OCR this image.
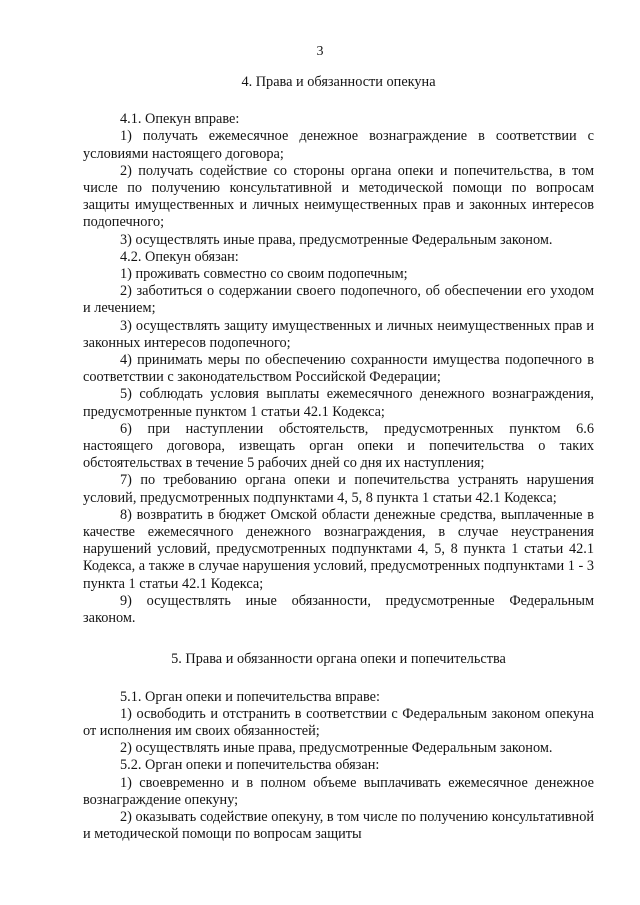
3

4. Права и обязанности опекуна

4.1. Опекун вправе:

1) получать ежемесячное денежное вознаграждение в соответствии с условиями настоящего договора;

2) получать содействие со стороны органа опеки и попечительства, в том числе по получению консультативной и методической помощи по вопросам защиты имущественных и личных неимущественных прав и законных интересов подопечного;

3) осуществлять иные права, предусмотренные Федеральным законом.

4.2. Опекун обязан:

1) проживать совместно со своим подопечным;

2) заботиться о содержании своего подопечного, об обеспечении его уходом и лечением;

3) осуществлять защиту имущественных и личных неимущественных прав и законных интересов подопечного;

4) принимать меры по обеспечению сохранности имущества подопечного в соответствии с законодательством Российской Федерации;

5) соблюдать условия выплаты ежемесячного денежного вознаграждения, предусмотренные пунктом 1 статьи 42.1 Кодекса;

6) при наступлении обстоятельств, предусмотренных пунктом 6.6 настоящего договора, извещать орган опеки и попечительства о таких обстоятельствах в течение 5 рабочих дней со дня их наступления;

7) по требованию органа опеки и попечительства устранять нарушения условий, предусмотренных подпунктами 4, 5, 8 пункта 1 статьи 42.1 Кодекса;

8) возвратить в бюджет Омской области денежные средства, выплаченные в качестве ежемесячного денежного вознаграждения, в случае неустранения нарушений условий, предусмотренных подпунктами 4, 5, 8 пункта 1 статьи 42.1 Кодекса, а также в случае нарушения условий, предусмотренных подпунктами 1 - 3 пункта 1 статьи 42.1 Кодекса;

9) осуществлять иные обязанности, предусмотренные Федеральным законом.

5. Права и обязанности органа опеки и попечительства

5.1. Орган опеки и попечительства вправе:

1) освободить и отстранить в соответствии с Федеральным законом опекуна от исполнения им своих обязанностей;

2) осуществлять иные права, предусмотренные Федеральным законом.

5.2. Орган опеки и попечительства обязан:

1) своевременно и в полном объеме выплачивать ежемесячное денежное вознаграждение опекуну;

2) оказывать содействие опекуну, в том числе по получению консультативной и методической помощи по вопросам защиты
